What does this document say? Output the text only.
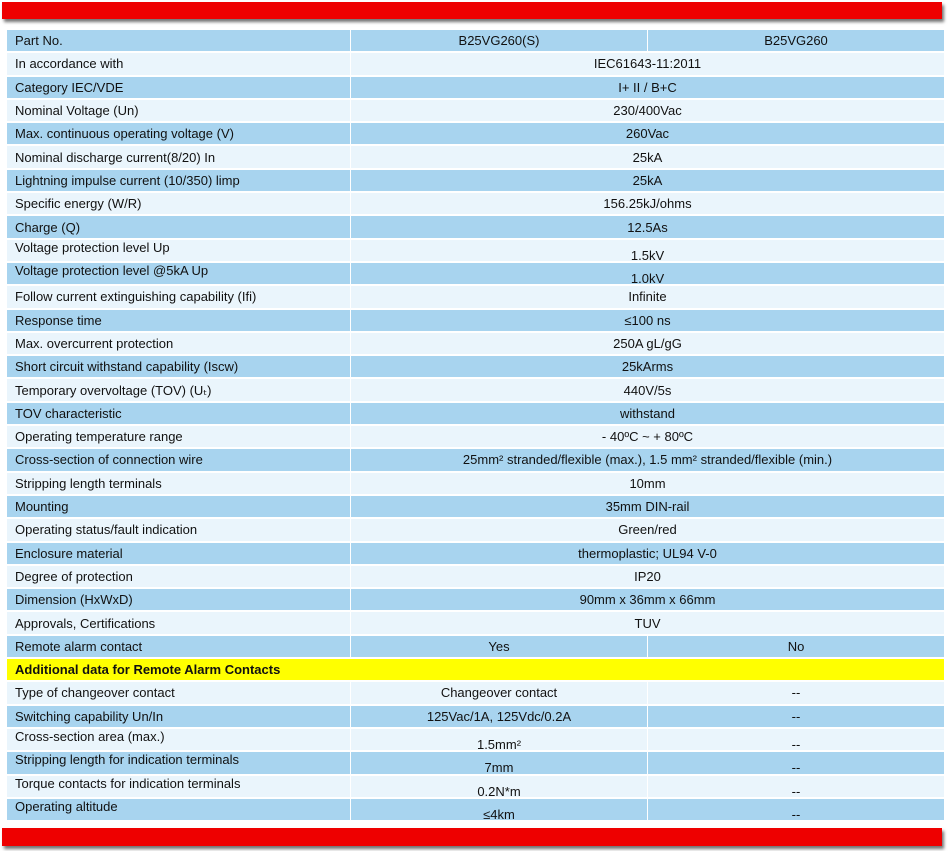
Part No.	B25VG260(S)	B25VG260
In accordance with	IEC61643-11:2011	
Category IEC/VDE	I+ II / B+C	
Nominal Voltage (Un)	230/400Vac	
Max. continuous operating voltage (V)	260Vac	
Nominal discharge current(8/20) In	25kA	
Lightning impulse current (10/350) limp	25kA	
Specific energy (W/R)	156.25kJ/ohms	
Charge (Q)	12.5As	
Voltage protection level Up	1.5kV	
Voltage protection level @5kA Up	1.0kV	
Follow current extinguishing capability (Ifi)	Infinite	
Response time	≤100 ns	
Max. overcurrent protection	250A gL/gG	
Short circuit withstand capability (Iscw)	25kArms	
Temporary overvoltage (TOV) (Uₜ)	440V/5s	
TOV characteristic	withstand	
Operating temperature range	- 40ºC ~ + 80ºC	
Cross-section of connection wire	25mm² stranded/flexible (max.), 1.5 mm² stranded/flexible (min.)	
Stripping length terminals	10mm	
Mounting	35mm DIN-rail	
Operating status/fault indication	Green/red	
Enclosure material	thermoplastic; UL94 V-0	
Degree of protection	IP20	
Dimension (HxWxD)	90mm x 36mm x 66mm	
Approvals, Certifications	TUV	
Remote alarm contact	Yes	No
Additional data for Remote Alarm Contacts		
Type of changeover contact	Changeover contact	--
Switching capability Un/In	125Vac/1A, 125Vdc/0.2A	--
Cross-section area (max.)	1.5mm²	--
Stripping length for indication terminals	7mm	--
Torque contacts for indication terminals	0.2N*m	--
Operating altitude	≤4km	--
